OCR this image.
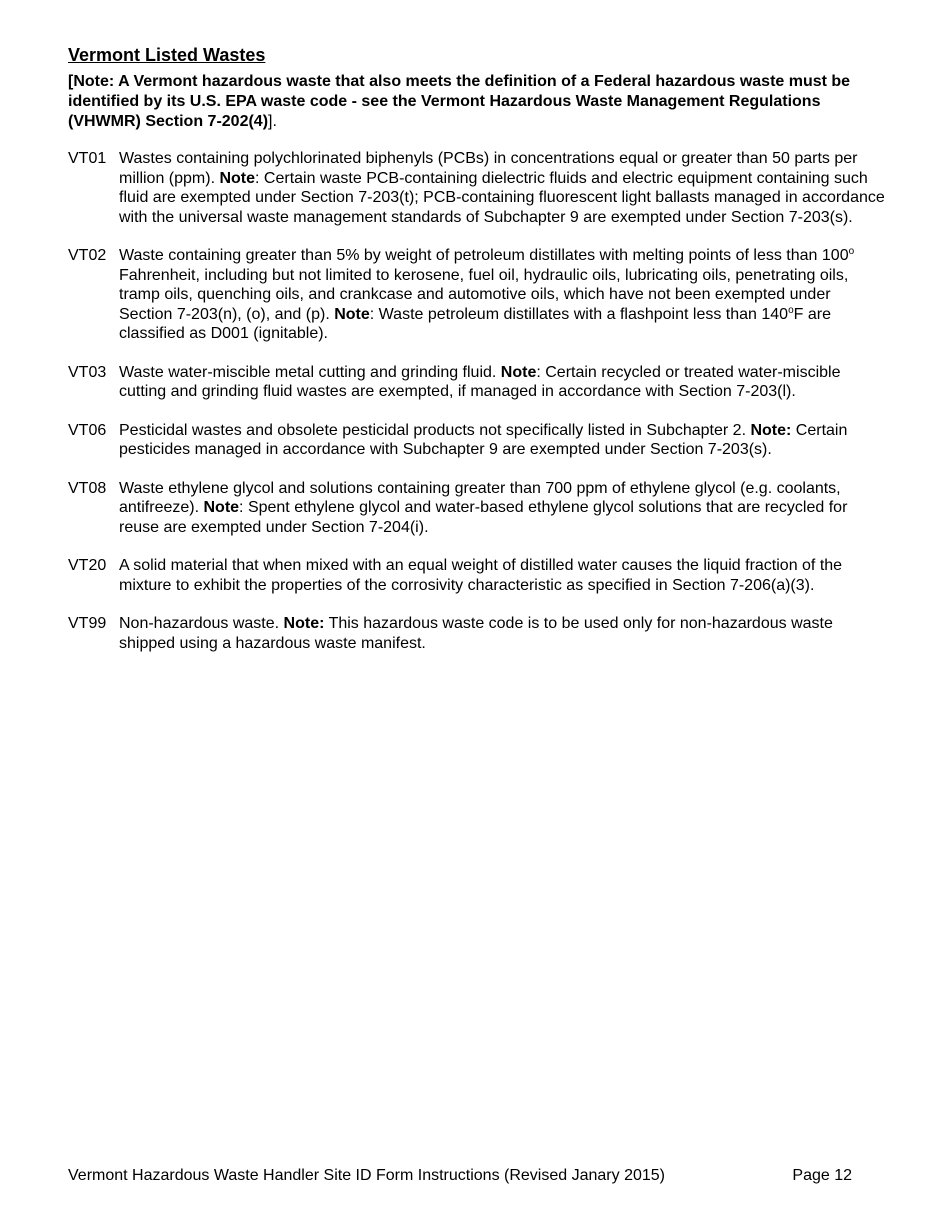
Vermont Listed Wastes
[Note: A Vermont hazardous waste that also meets the definition of a Federal hazardous waste must be identified by its U.S. EPA waste code - see the Vermont Hazardous Waste Management Regulations (VHWMR) Section 7-202(4)].
VT01 Wastes containing polychlorinated biphenyls (PCBs) in concentrations equal or greater than 50 parts per million (ppm). Note: Certain waste PCB-containing dielectric fluids and electric equipment containing such fluid are exempted under Section 7-203(t); PCB-containing fluorescent light ballasts managed in accordance with the universal waste management standards of Subchapter 9 are exempted under Section 7-203(s).
VT02 Waste containing greater than 5% by weight of petroleum distillates with melting points of less than 100$^o$ Fahrenheit, including but not limited to kerosene, fuel oil, hydraulic oils, lubricating oils, penetrating oils, tramp oils, quenching oils, and crankcase and automotive oils, which have not been exempted under Section 7-203(n), (o), and (p). Note: Waste petroleum distillates with a flashpoint less than 140$^o$F are classified as D001 (ignitable).
VT03 Waste water-miscible metal cutting and grinding fluid. Note: Certain recycled or treated water-miscible cutting and grinding fluid wastes are exempted, if managed in accordance with Section 7-203(l).
VT06 Pesticidal wastes and obsolete pesticidal products not specifically listed in Subchapter 2. Note: Certain pesticides managed in accordance with Subchapter 9 are exempted under Section 7-203(s).
VT08 Waste ethylene glycol and solutions containing greater than 700 ppm of ethylene glycol (e.g. coolants, antifreeze). Note: Spent ethylene glycol and water-based ethylene glycol solutions that are recycled for reuse are exempted under Section 7-204(i).
VT20 A solid material that when mixed with an equal weight of distilled water causes the liquid fraction of the mixture to exhibit the properties of the corrosivity characteristic as specified in Section 7-206(a)(3).
VT99 Non-hazardous waste. Note: This hazardous waste code is to be used only for non-hazardous waste shipped using a hazardous waste manifest.
Vermont Hazardous Waste Handler Site ID Form Instructions (Revised Janary 2015)	Page 12
